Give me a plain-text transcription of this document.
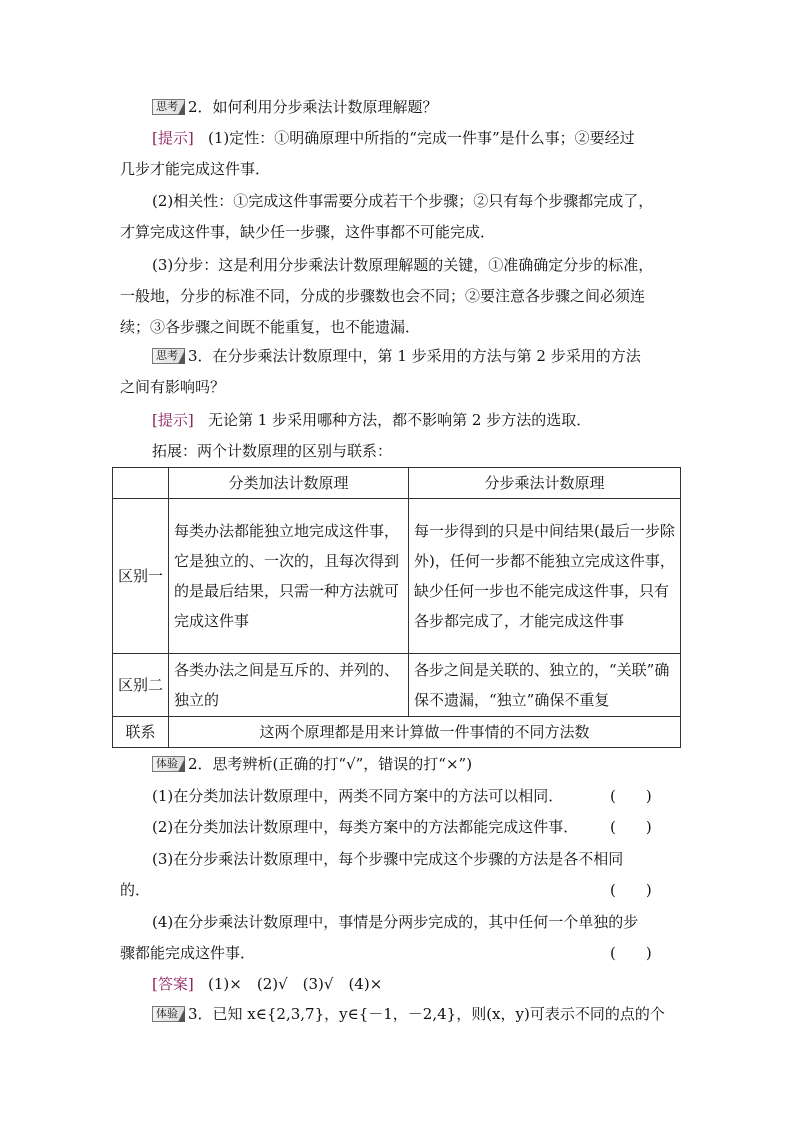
思考 2．如何利用分步乘法计数原理解题？
[提示] (1)定性：①明确原理中所指的“完成一件事”是什么事；②要经过
几步才能完成这件事．
(2)相关性：①完成这件事需要分成若干个步骤；②只有每个步骤都完成了，
才算完成这件事，缺少任一步骤，这件事都不可能完成．
(3)分步：这是利用分步乘法计数原理解题的关键，①准确确定分步的标准，
一般地，分步的标准不同，分成的步骤数也会不同；②要注意各步骤之间必须连
续；③各步骤之间既不能重复，也不能遗漏．
思考 3．在分步乘法计数原理中，第 1 步采用的方法与第 2 步采用的方法
之间有影响吗？
[提示] 无论第 1 步采用哪种方法，都不影响第 2 步方法的选取．
拓展：两个计数原理的区别与联系：
	分类加法计数原理	分步乘法计数原理
区别一	每类办法都能独立地完成这件事，它是独立的、一次的，且每次得到的是最后结果，只需一种方法就可完成这件事	每一步得到的只是中间结果(最后一步除外)，任何一步都不能独立完成这件事，缺少任何一步也不能完成这件事，只有各步都完成了，才能完成这件事
区别二	各类办法之间是互斥的、并列的、独立的	各步之间是关联的、独立的，“关联”确保不遗漏，“独立”确保不重复
联系	这两个原理都是用来计算做一件事情的不同方法数	
体验 2．思考辨析(正确的打“√”，错误的打“×”)
(1)在分类加法计数原理中，两类不同方案中的方法可以相同．	(　　)
(2)在分类加法计数原理中，每类方案中的方法都能完成这件事． (　　)
(3)在分步乘法计数原理中，每个步骤中完成这个步骤的方法是各不相同
的．	(　　)
(4)在分步乘法计数原理中，事情是分两步完成的，其中任何一个单独的步
骤都能完成这件事．	(　　)
[答案] (1)×　(2)√　(3)√　(4)×
体验 3．已知 x∈{2,3,7}，y∈{－1，－2,4}，则(x，y)可表示不同的点的个
